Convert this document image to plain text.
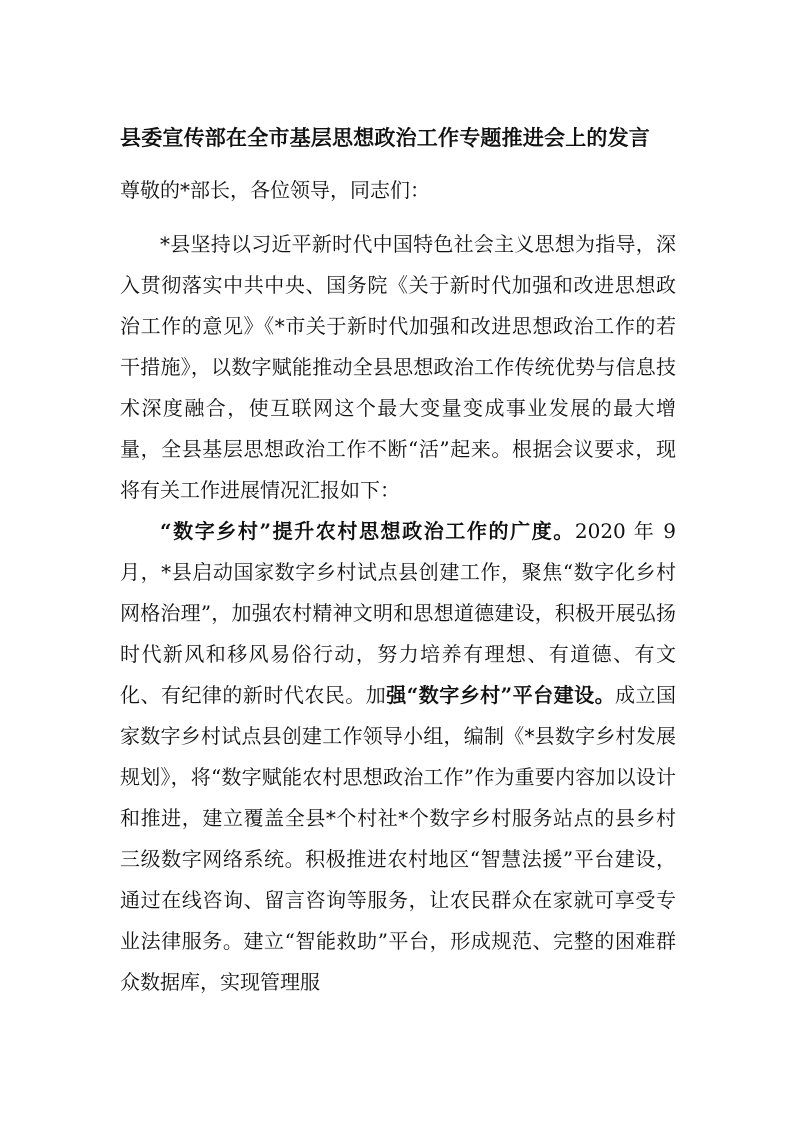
县委宣传部在全市基层思想政治工作专题推进会上的发言

尊敬的*部长，各位领导，同志们：

*县坚持以习近平新时代中国特色社会主义思想为指导，深入贯彻落实中共中央、国务院《关于新时代加强和改进思想政治工作的意见》《*市关于新时代加强和改进思想政治工作的若干措施》，以数字赋能推动全县思想政治工作传统优势与信息技术深度融合，使互联网这个最大变量变成事业发展的最大增量，全县基层思想政治工作不断“活”起来。根据会议要求，现将有关工作进展情况汇报如下：

“数字乡村”提升农村思想政治工作的广度。2020 年 9 月，*县启动国家数字乡村试点县创建工作，聚焦“数字化乡村网格治理”，加强农村精神文明和思想道德建设，积极开展弘扬时代新风和移风易俗行动，努力培养有理想、有道德、有文化、有纪律的新时代农民。加强“数字乡村”平台建设。成立国家数字乡村试点县创建工作领导小组，编制《*县数字乡村发展规划》，将“数字赋能农村思想政治工作”作为重要内容加以设计和推进，建立覆盖全县*个村社*个数字乡村服务站点的县乡村三级数字网络系统。积极推进农村地区“智慧法援”平台建设，通过在线咨询、留言咨询等服务，让农民群众在家就可享受专业法律服务。建立“智能救助”平台，形成规范、完整的困难群众数据库，实现管理服
